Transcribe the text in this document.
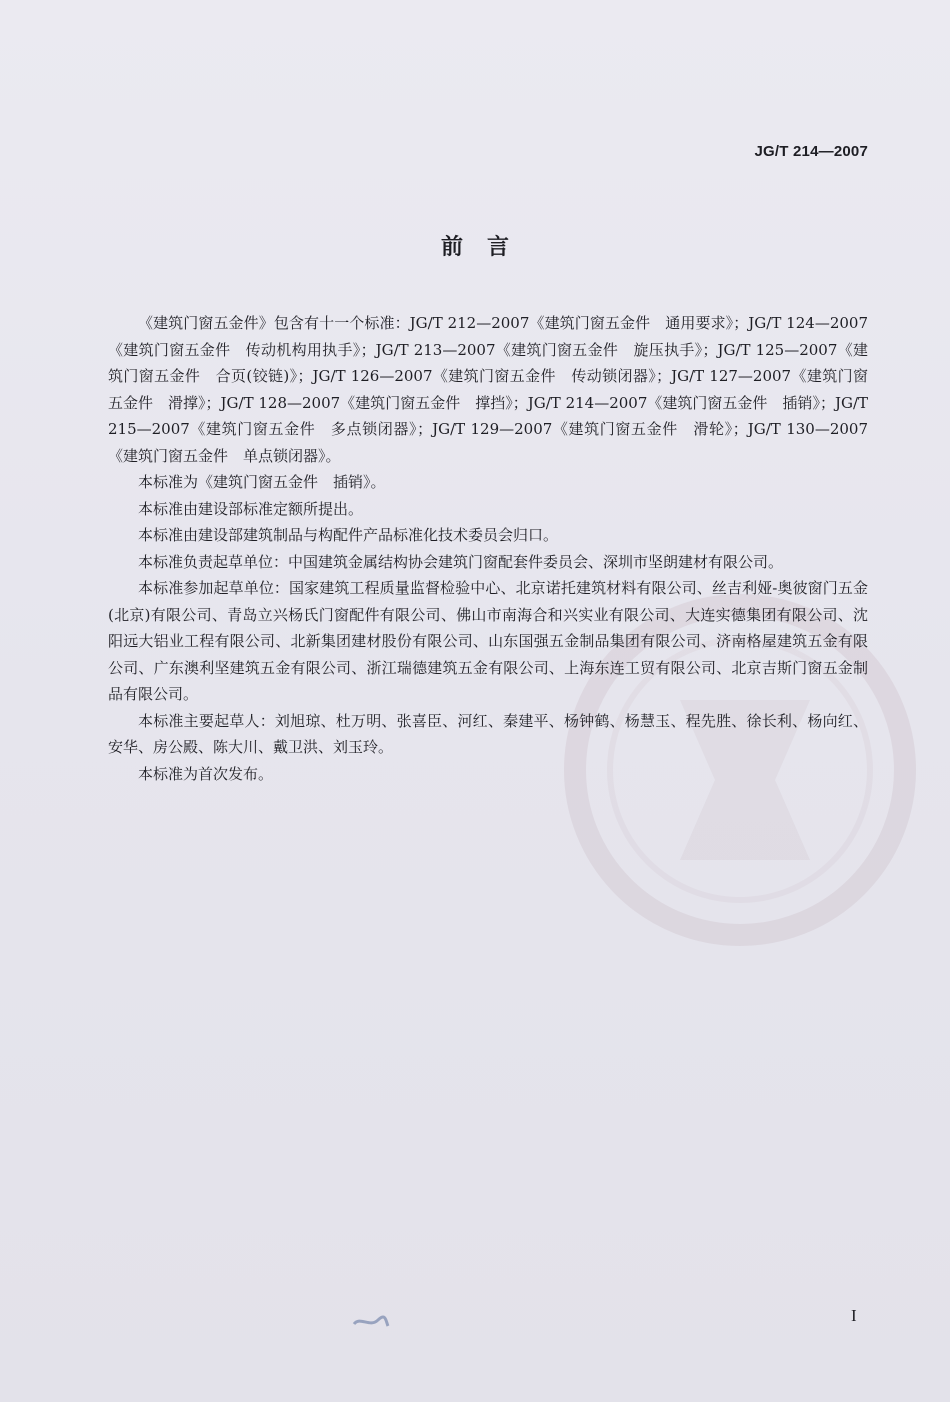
JG/T 214—2007
前言

《建筑门窗五金件》包含有十一个标准：JG/T 212—2007《建筑门窗五金件　通用要求》；JG/T 124—2007《建筑门窗五金件　传动机构用执手》；JG/T 213—2007《建筑门窗五金件　旋压执手》；JG/T 125—2007《建筑门窗五金件　合页(铰链)》；JG/T 126—2007《建筑门窗五金件　传动锁闭器》；JG/T 127—2007《建筑门窗五金件　滑撑》；JG/T 128—2007《建筑门窗五金件　撑挡》；JG/T 214—2007《建筑门窗五金件　插销》；JG/T 215—2007《建筑门窗五金件　多点锁闭器》；JG/T 129—2007《建筑门窗五金件　滑轮》；JG/T 130—2007《建筑门窗五金件　单点锁闭器》。

本标准为《建筑门窗五金件　插销》。

本标准由建设部标准定额所提出。

本标准由建设部建筑制品与构配件产品标准化技术委员会归口。

本标准负责起草单位：中国建筑金属结构协会建筑门窗配套件委员会、深圳市坚朗建材有限公司。

本标准参加起草单位：国家建筑工程质量监督检验中心、北京诺托建筑材料有限公司、丝吉利娅-奥彼窗门五金(北京)有限公司、青岛立兴杨氏门窗配件有限公司、佛山市南海合和兴实业有限公司、大连实德集团有限公司、沈阳远大铝业工程有限公司、北新集团建材股份有限公司、山东国强五金制品集团有限公司、济南格屋建筑五金有限公司、广东澳利坚建筑五金有限公司、浙江瑞德建筑五金有限公司、上海东连工贸有限公司、北京吉斯门窗五金制品有限公司。

本标准主要起草人：刘旭琼、杜万明、张喜臣、河红、秦建平、杨钟鹤、杨慧玉、程先胜、徐长利、杨向红、安华、房公殿、陈大川、戴卫洪、刘玉玲。

本标准为首次发布。

I
